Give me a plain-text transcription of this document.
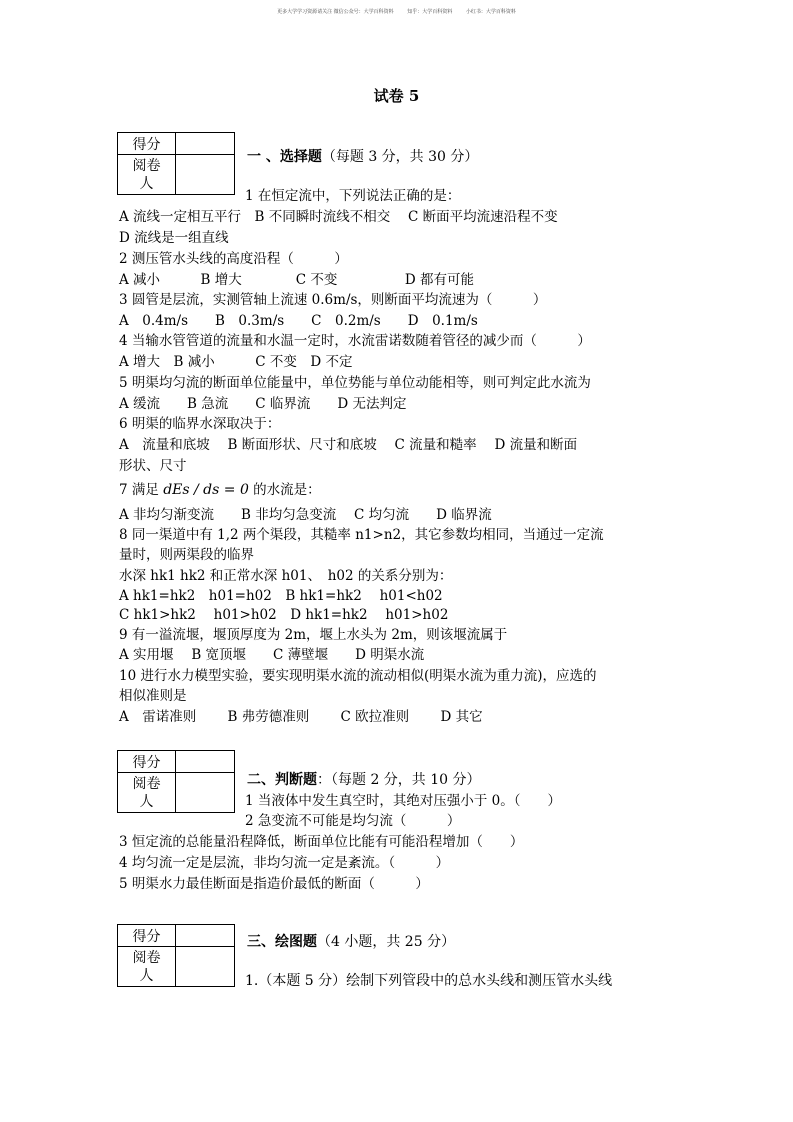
更多大学学习资源请关注 微信公众号：大学百科资料	知乎：大学百科资料	小红书：大学百科资料
试卷 5
得分	
阅卷
人	
一 、选择题（每题 3 分，共 30 分）
1 在恒定流中，下列说法正确的是：
A 流线一定相互平行　B 不同瞬时流线不相交　 C 断面平均流速沿程不变
D 流线是一组直线
2 测压管水头线的高度沿程（　　　）
A 减小　　　B 增大　　　　C 不变　　　　　D 都有可能
3 圆管是层流，实测管轴上流速 0.6m/s，则断面平均流速为（　　　）
A　0.4m/s　　B　0.3m/s　　C　0.2m/s　　D　0.1m/s
4 当输水管管道的流量和水温一定时，水流雷诺数随着管径的减少而（　　　）
A 增大　B 减小　　　C 不变　D 不定
5 明渠均匀流的断面单位能量中，单位势能与单位动能相等，则可判定此水流为
A 缓流　　B 急流　　C 临界流　　D 无法判定
6 明渠的临界水深取决于：
A　流量和底坡　 B 断面形状、尺寸和底坡　 C 流量和糙率　 D 流量和断面
形状、尺寸
7 满足 dEs / ds = 0 的水流是：
A 非均匀渐变流　　B 非均匀急变流　 C 均匀流　　D 临界流
8 同一渠道中有 1,2 两个渠段，其糙率 n1>n2，其它参数均相同，当通过一定流
量时，则两渠段的临界
水深 hk1 hk2 和正常水深 h01、　h02 的关系分别为：
A hk1=hk2　h01=h02　B hk1=hk2　 h01<h02
C hk1>hk2　 h01>h02　D hk1=hk2　 h01>h02
9 有一溢流堰，堰顶厚度为 2m，堰上水头为 2m，则该堰流属于
A 实用堰　 B 宽顶堰　　C 薄壁堰　　D 明渠水流
10 进行水力模型实验，要实现明渠水流的流动相似(明渠水流为重力流)，应选的
相似准则是
A　雷诺准则　　 B 弗劳德准则　　 C 欧拉准则　　 D 其它
得分	
阅卷
人	
二、判断题：（每题 2 分，共 10 分）
1 当液体中发生真空时，其绝对压强小于 0。（　　）
2 急变流不可能是均匀流（　　　）
3 恒定流的总能量沿程降低，断面单位比能有可能沿程增加（　　）
4 均匀流一定是层流，非均匀流一定是紊流。（　　　）
5 明渠水力最佳断面是指造价最低的断面（　　　）
得分	
阅卷
人	
三、绘图题（4 小题，共 25 分）
1.（本题 5 分）绘制下列管段中的总水头线和测压管水头线
